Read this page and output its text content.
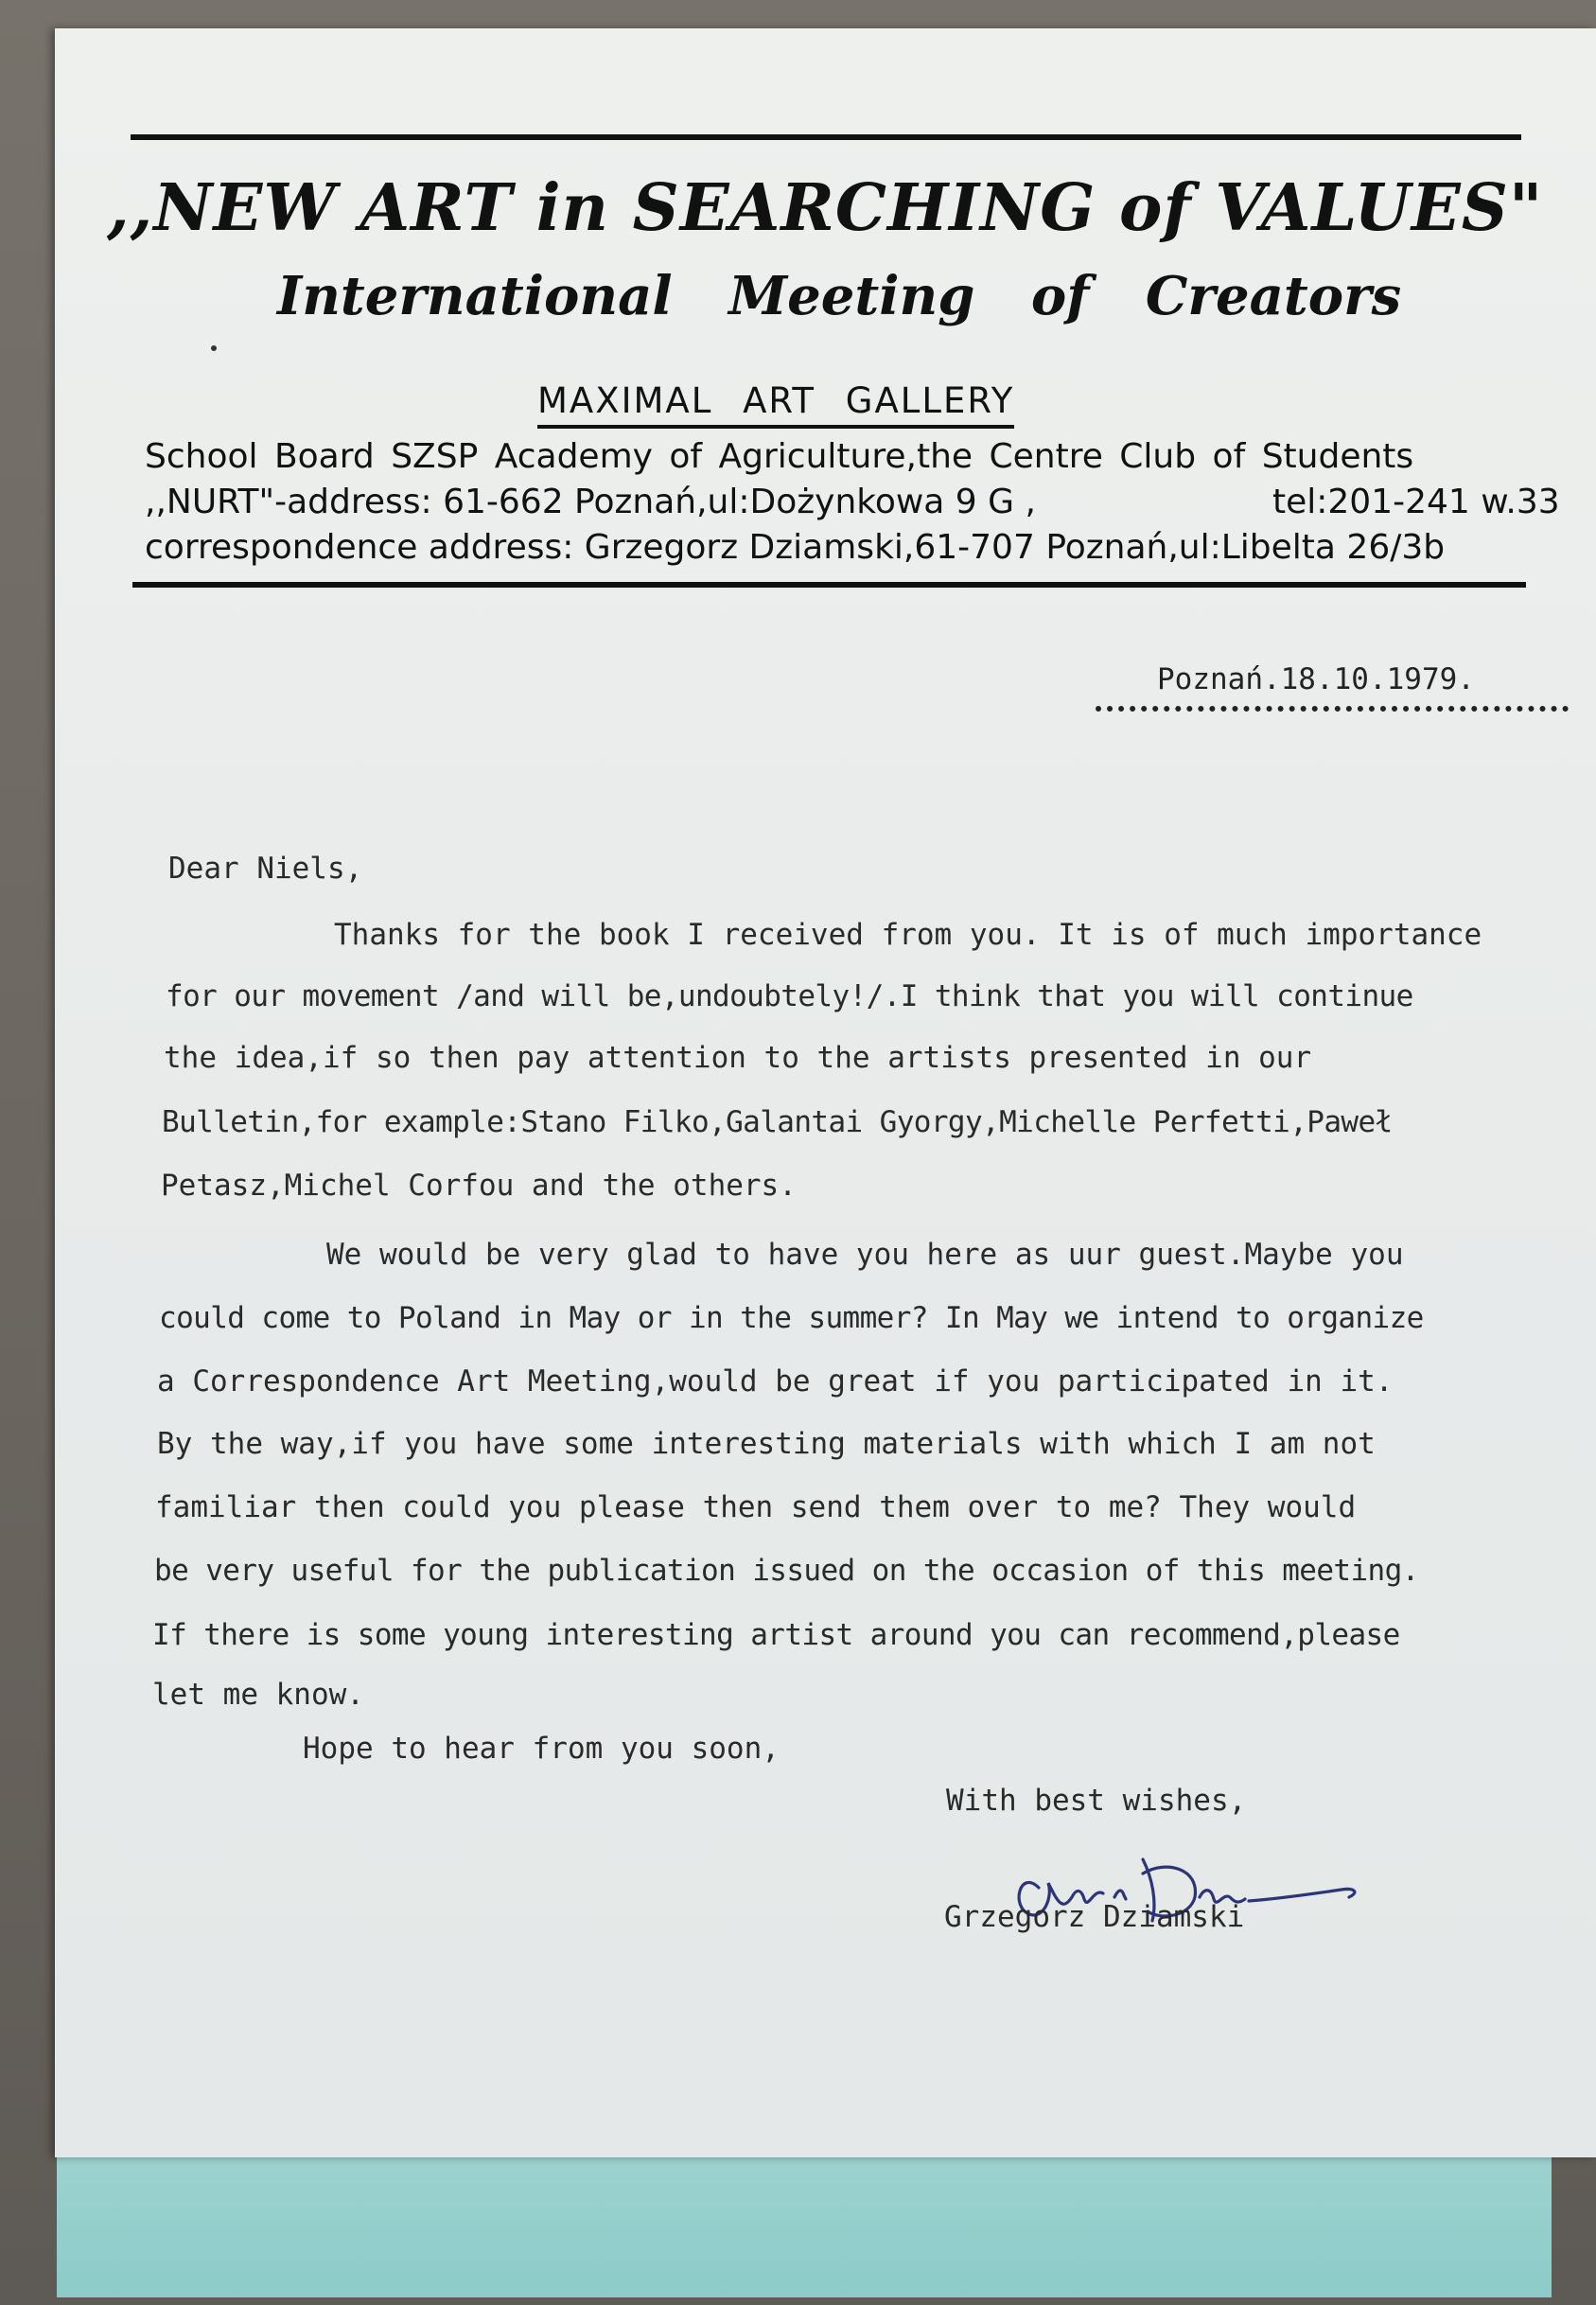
,,NEW ART in SEARCHING of VALUES"
International Meeting of Creators
MAXIMAL ART GALLERY
School Board SZSP Academy of Agriculture,the Centre Club of Students
,,NURT"-address: 61-662 Poznań,ul:Dożynkowa 9 G ,	tel:201-241 w.33
correspondence address: Grzegorz Dziamski,61-707 Poznań,ul:Libelta 26/3b
Poznań.18.10.1979.
Dear Niels,
Thanks for the book I received from you. It is of much importance
for our movement /and will be,undoubtely!/.I think that you will continue
the idea,if so then pay attention to the artists presented in our
Bulletin,for example:Stano Filko,Galantai Gyorgy,Michelle Perfetti,Paweł
Petasz,Michel Corfou and the others.
We would be very glad to have you here as uur guest.Maybe you
could come to Poland in May or in the summer? In May we intend to organize
a Correspondence Art Meeting,would be great if you participated in it.
By the way,if you have some interesting materials with which I am not
familiar then could you please then send them over to me? They would
be very useful for the publication issued on the occasion of this meeting.
If there is some young interesting artist around you can recommend,please
let me know.
Hope to hear from you soon,
With best wishes,
Grzegorz Dziamski
